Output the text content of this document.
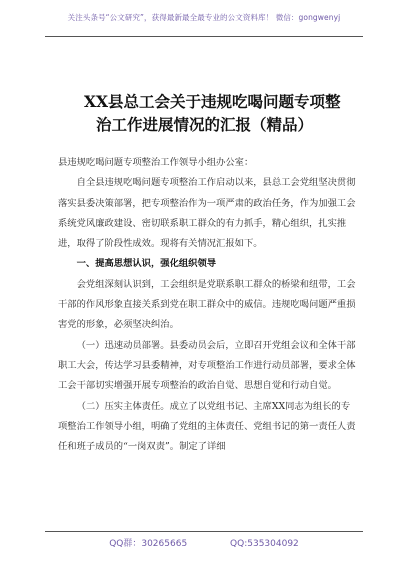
关注头条号“公文研究”，获得最新最全最专业的公文资料库！ 微信：gongwenyj
XX县总工会关于违规吃喝问题专项整
治工作进展情况的汇报（精品）

县违规吃喝问题专项整治工作领导小组办公室：

自全县违规吃喝问题专项整治工作启动以来，县总工会党组坚决贯彻落实县委决策部署，把专项整治作为一项严肃的政治任务，作为加强工会系统党风廉政建设、密切联系职工群众的有力抓手，精心组织，扎实推进，取得了阶段性成效。现将有关情况汇报如下。

一、提高思想认识，强化组织领导

会党组深刻认识到，工会组织是党联系职工群众的桥梁和纽带，工会干部的作风形象直接关系到党在职工群众中的威信。违规吃喝问题严重损害党的形象，必须坚决纠治。

（一）迅速动员部署。县委动员会后，立即召开党组会议和全体干部职工大会，传达学习县委精神，对专项整治工作进行动员部署，要求全体工会干部切实增强开展专项整治的政治自觉、思想自觉和行动自觉。

（二）压实主体责任。成立了以党组书记、主席XX同志为组长的专项整治工作领导小组，明确了党组的主体责任、党组书记的第一责任人责任和班子成员的“一岗双责”。制定了详细

QQ群：30265665	QQ:535304092
